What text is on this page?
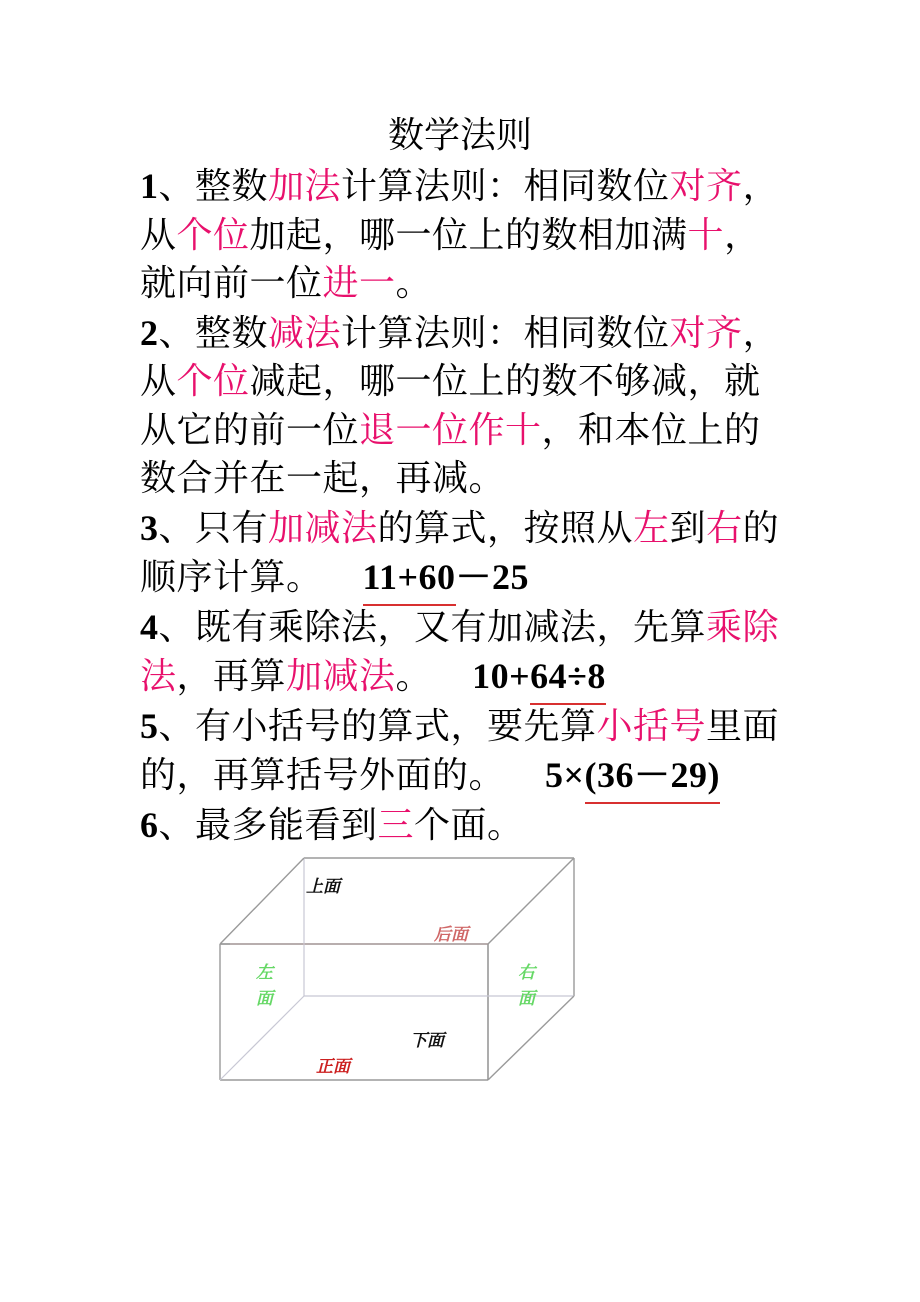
数学法则

1、整数加法计算法则：相同数位对齐，从个位加起，哪一位上的数相加满十，就向前一位进一。

2、整数减法计算法则：相同数位对齐，从个位减起，哪一位上的数不够减，就从它的前一位退一位作十，和本位上的数合并在一起，再减。

3、只有加减法的算式，按照从左到右的顺序计算。 11+60－25

4、既有乘除法，又有加减法，先算乘除法，再算加减法。 10+64÷8

5、有小括号的算式，要先算小括号里面的，再算括号外面的。 5×(36－29)

6、最多能看到三个面。

上面
后面
左
面
右
面
下面
正面
